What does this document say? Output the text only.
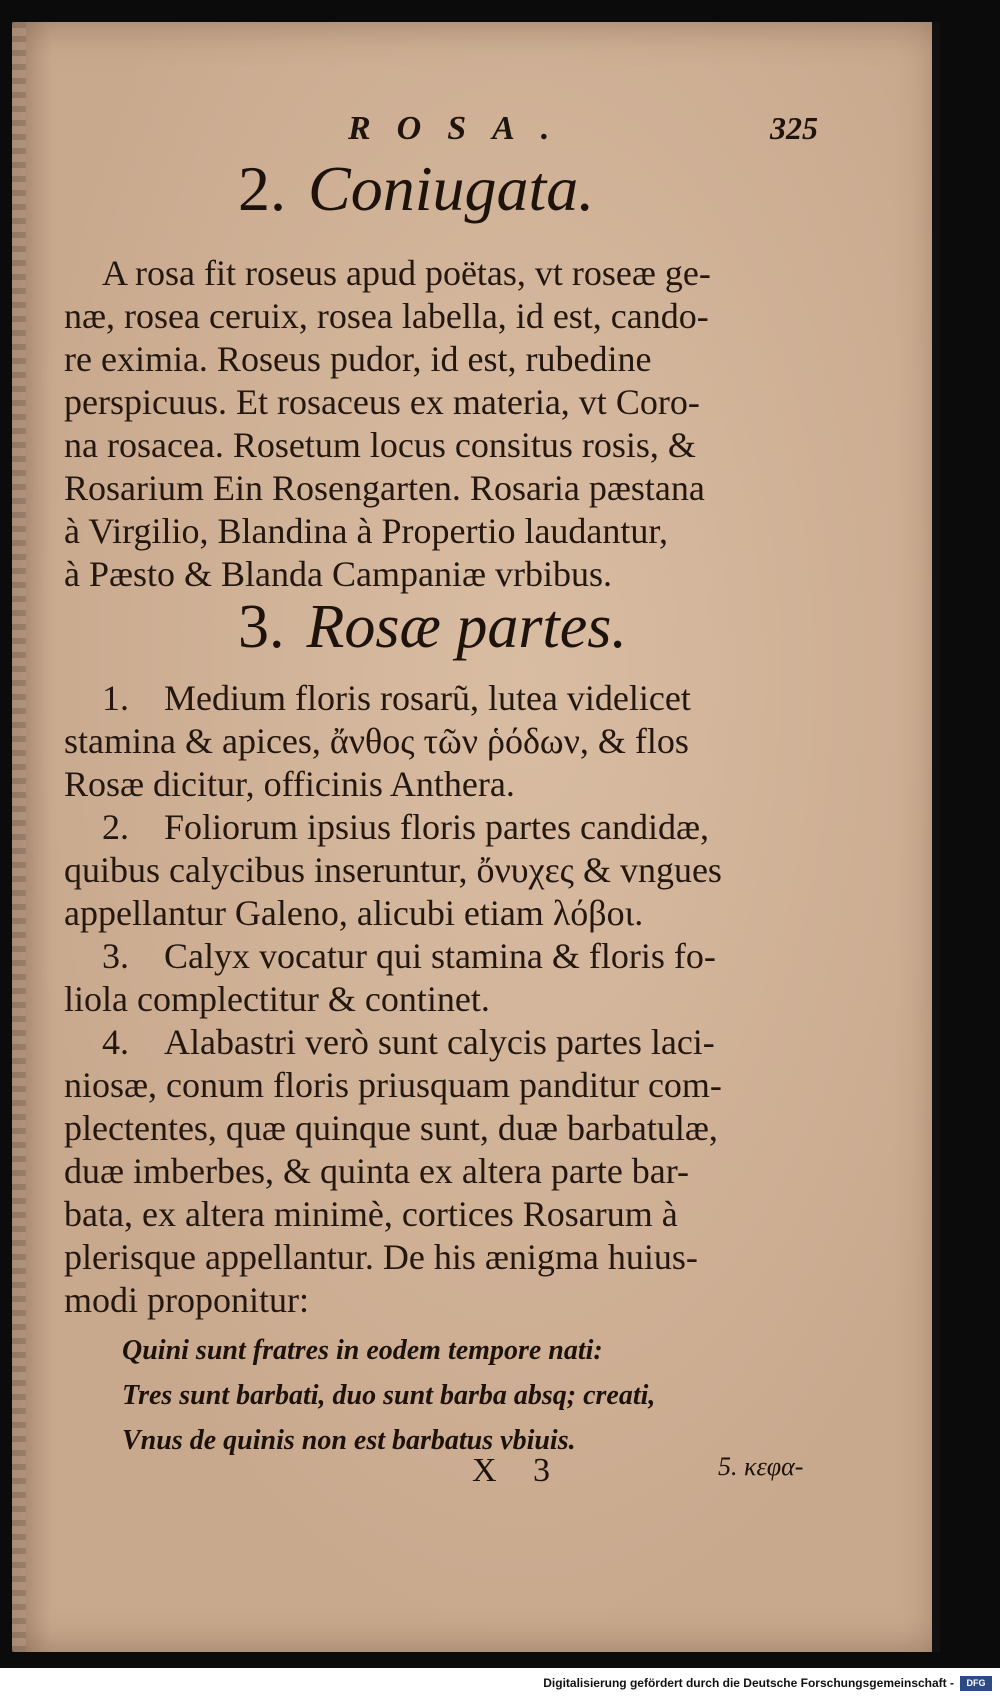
ROSA.	325
2. Coniugata.
A rosa fit roseus apud poëtas, vt roseæ ge-
næ, rosea ceruix, rosea labella, id est, cando-
re eximia. Roseus pudor, id est, rubedine
perspicuus. Et rosaceus ex materia, vt Coro-
na rosacea. Rosetum locus consitus rosis, &
Rosarium Ein Rosengarten. Rosaria pæstana
à Virgilio, Blandina à Propertio laudantur,
à Pæsto & Blanda Campaniæ vrbibus.
3. Rosæ partes.
1. Medium floris rosarũ, lutea videlicet
stamina & apices, ἄνθος τῶν ῥόδων, & flos
Rosæ dicitur, officinis Anthera.
2. Foliorum ipsius floris partes candidæ,
quibus calycibus inseruntur, ὄνυχες & vngues
appellantur Galeno, alicubi etiam λόβοι.
3. Calyx vocatur qui stamina & floris fo-
liola complectitur & continet.
4. Alabastri verò sunt calycis partes laci-
niosæ, conum floris priusquam panditur com-
plectentes, quæ quinque sunt, duæ barbatulæ,
duæ imberbes, & quinta ex altera parte bar-
bata, ex altera minimè, cortices Rosarum à
plerisque appellantur. De his ænigma huius-
modi proponitur:
Quini sunt fratres in eodem tempore nati:
Tres sunt barbati, duo sunt barba absq; creati,
Vnus de quinis non est barbatus vbiuis.
X 3	5. κεφα-
Digitalisierung gefördert durch die Deutsche Forschungsgemeinschaft -	DFG
